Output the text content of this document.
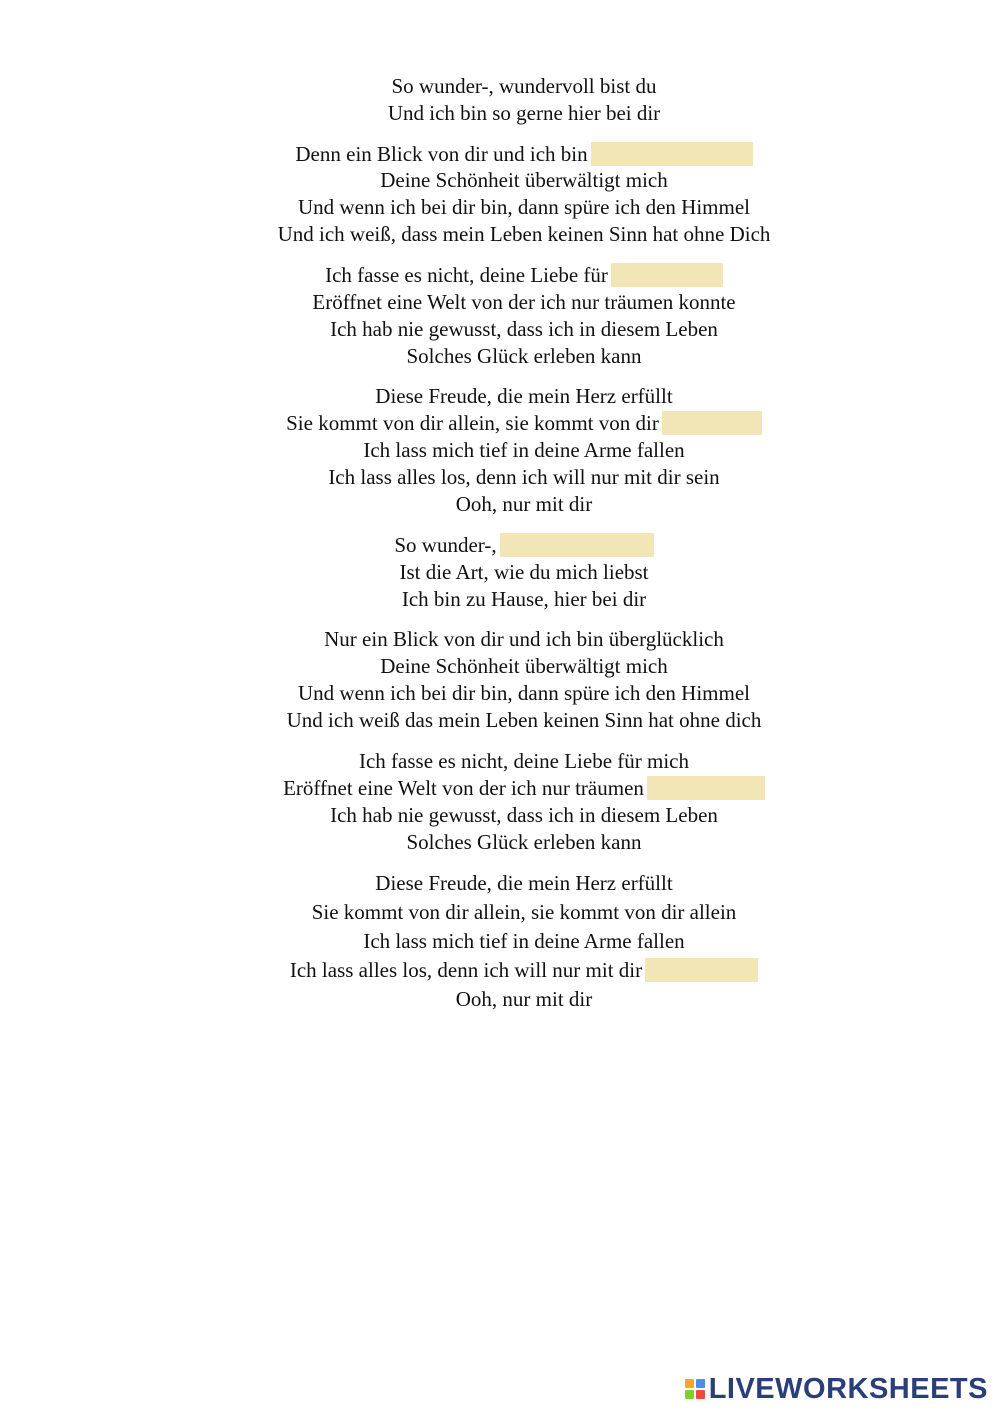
So wunder-, wundervoll bist du
Und ich bin so gerne hier bei dir
Denn ein Blick von dir und ich bin
Deine Schönheit überwältigt mich
Und wenn ich bei dir bin, dann spüre ich den Himmel
Und ich weiß, dass mein Leben keinen Sinn hat ohne Dich
Ich fasse es nicht, deine Liebe für
Eröffnet eine Welt von der ich nur träumen konnte
Ich hab nie gewusst, dass ich in diesem Leben
Solches Glück erleben kann
Diese Freude, die mein Herz erfüllt
Sie kommt von dir allein, sie kommt von dir
Ich lass mich tief in deine Arme fallen
Ich lass alles los, denn ich will nur mit dir sein
Ooh, nur mit dir
So wunder-,
Ist die Art, wie du mich liebst
Ich bin zu Hause, hier bei dir
Nur ein Blick von dir und ich bin überglücklich
Deine Schönheit überwältigt mich
Und wenn ich bei dir bin, dann spüre ich den Himmel
Und ich weiß das mein Leben keinen Sinn hat ohne dich
Ich fasse es nicht, deine Liebe für mich
Eröffnet eine Welt von der ich nur träumen
Ich hab nie gewusst, dass ich in diesem Leben
Solches Glück erleben kann
Diese Freude, die mein Herz erfüllt
Sie kommt von dir allein, sie kommt von dir allein
Ich lass mich tief in deine Arme fallen
Ich lass alles los, denn ich will nur mit dir
Ooh, nur mit dir
LIVEWORKSHEETS
